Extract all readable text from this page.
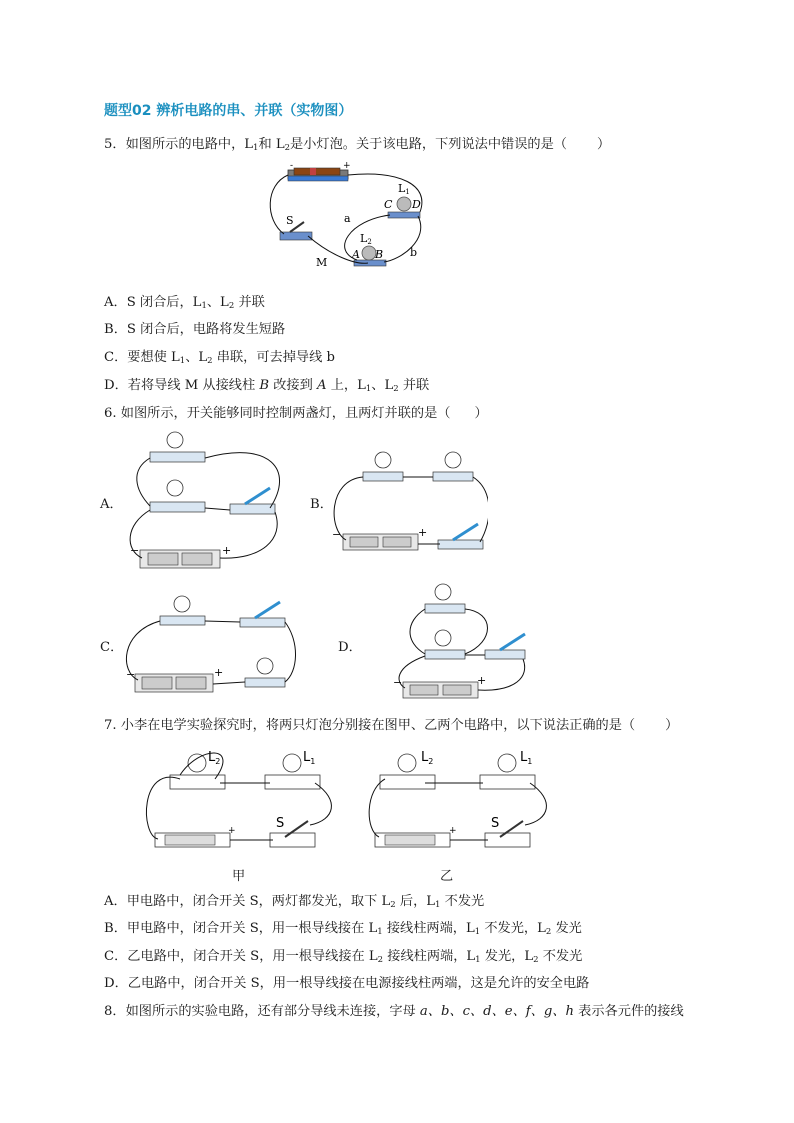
题型02 辨析电路的串、并联（实物图）
5．如图所示的电路中，$L_1$和 $L_2$是小灯泡。关于该电路，下列说法中错误的是（ ）
-	+
S
L1
C D
L2
A B
a
b
M
A．S 闭合后，$L_1$、$L_2$ 并联
B．S 闭合后，电路将发生短路
C．要想使 $L_1$、$L_2$ 串联，可去掉导线 b
D．若将导线 M 从接线柱 B 改接到 A 上，$L_1$、$L_2$ 并联
6. 如图所示，开关能够同时控制两盏灯，且两灯并联的是（ ）
A．	B．
C．	D．
−	+
−	+
−	+
−	+
7. 小李在电学实验探究时，将两只灯泡分别接在图甲、乙两个电路中，以下说法正确的是（ ）
$L_2$	$L_1$
+	S
甲
$L_2$	$L_1$
+	S
乙
A．甲电路中，闭合开关 S，两灯都发光，取下 $L_2$ 后，$L_1$ 不发光
B．甲电路中，闭合开关 S，用一根导线接在 $L_1$ 接线柱两端，$L_1$ 不发光，$L_2$ 发光
C．乙电路中，闭合开关 S，用一根导线接在 $L_2$ 接线柱两端，$L_1$ 发光，$L_2$ 不发光
D．乙电路中，闭合开关 S，用一根导线接在电源接线柱两端，这是允许的安全电路
8．如图所示的实验电路，还有部分导线未连接，字母 a、b、c、d、e、f、g、h 表示各元件的接线
